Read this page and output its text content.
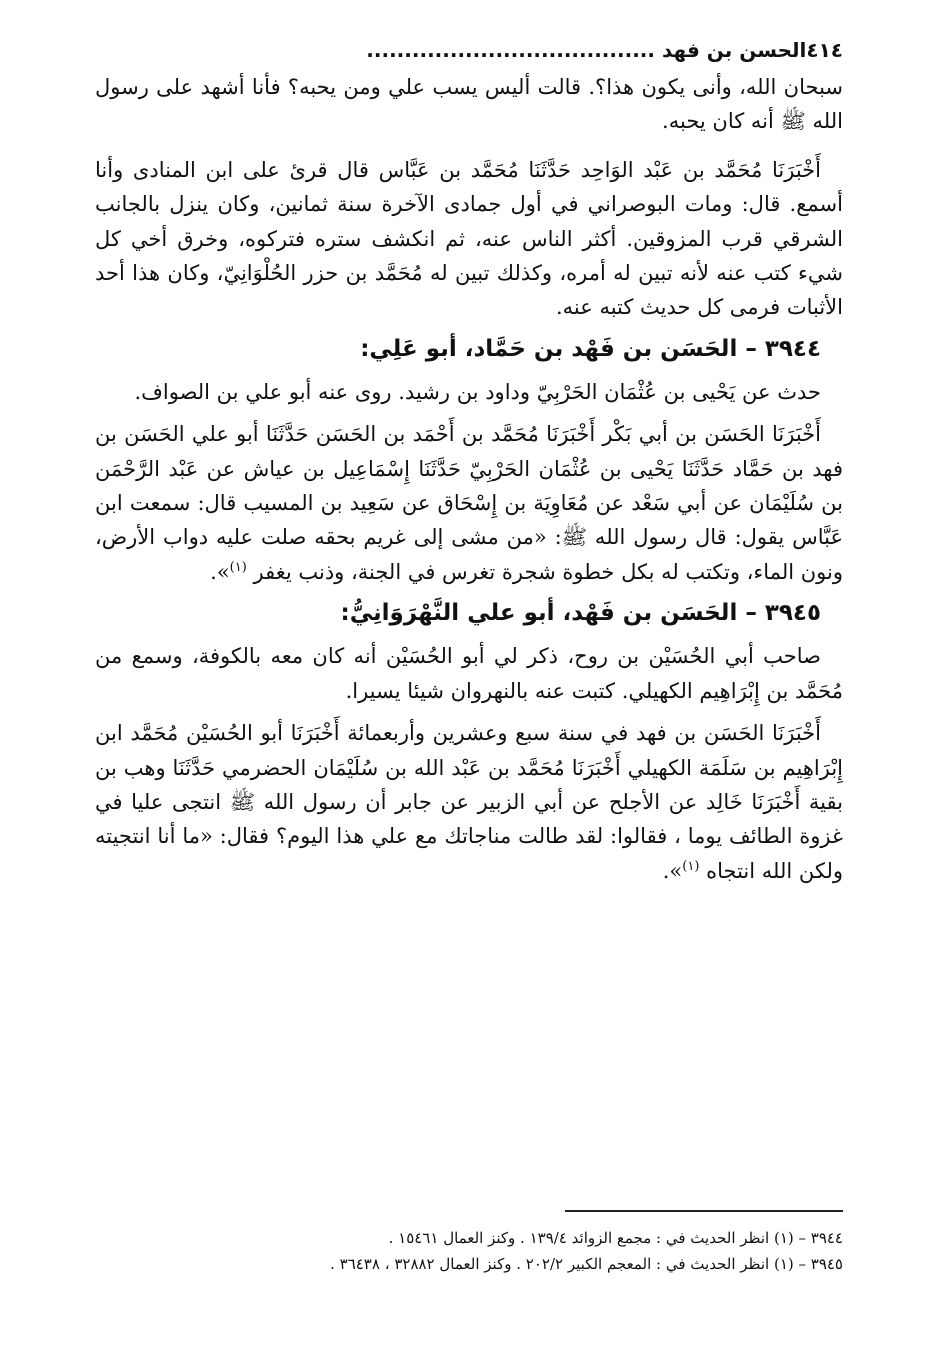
٤١٤
الحسن بن فهد ......................................

سبحان الله، وأنى يكون هذا؟. قالت أليس يسب علي ومن يحبه؟ فأنا أشهد على رسول الله ﷺ أنه كان يحبه.

أَخْبَرَنَا مُحَمَّد بن عَبْد الوَاحِد حَدَّثَنَا مُحَمَّد بن عَبَّاس قال قرئ على ابن المنادى وأنا أسمع. قال: ومات البوصراني في أول جمادى الآخرة سنة ثمانين، وكان ينزل بالجانب الشرقي قرب المزوقين. أكثر الناس عنه، ثم انكشف ستره فتركوه، وخرق أخي كل شيء كتب عنه لأنه تبين له أمره، وكذلك تبين له مُحَمَّد بن حزر الحُلْوَانِيّ، وكان هذا أحد الأثبات فرمى كل حديث كتبه عنه.

٣٩٤٤ – الحَسَن بن فَهْد بن حَمَّاد، أبو عَلِي:

حدث عن يَحْيى بن عُثْمَان الحَرْبِيّ وداود بن رشيد. روى عنه أبو علي بن الصواف.

أَخْبَرَنَا الحَسَن بن أبي بَكْر أَخْبَرَنَا مُحَمَّد بن أَحْمَد بن الحَسَن حَدَّثَنَا أبو علي الحَسَن بن فهد بن حَمَّاد حَدَّثَنَا يَحْيى بن عُثْمَان الحَرْبِيّ حَدَّثَنَا إِسْمَاعِيل بن عياش عن عَبْد الرَّحْمَن بن سُلَيْمَان عن أبي سَعْد عن مُعَاوِيَة بن إِسْحَاق عن سَعِيد بن المسيب قال: سمعت ابن عَبَّاس يقول: قال رسول الله ﷺ: «من مشى إلى غريم بحقه صلت عليه دواب الأرض، ونون الماء، وتكتب له بكل خطوة شجرة تغرس في الجنة، وذنب يغفر $^{(١)}$».

٣٩٤٥ – الحَسَن بن فَهْد، أبو علي النَّهْرَوَانِيُّ:

صاحب أبي الحُسَيْن بن روح، ذكر لي أبو الحُسَيْن أنه كان معه بالكوفة، وسمع من مُحَمَّد بن إِبْرَاهِيم الكهيلي. كتبت عنه بالنهروان شيئا يسيرا.

أَخْبَرَنَا الحَسَن بن فهد في سنة سبع وعشرين وأربعمائة أَخْبَرَنَا أبو الحُسَيْن مُحَمَّد ابن إِبْرَاهِيم بن سَلَمَة الكهيلي أَخْبَرَنَا مُحَمَّد بن عَبْد الله بن سُلَيْمَان الحضرمي حَدَّثَنَا وهب بن بقية أَخْبَرَنَا خَالِد عن الأجلح عن أبي الزبير عن جابر أن رسول الله ﷺ انتجى عليا في غزوة الطائف يوما ، فقالوا: لقد طالت مناجاتك مع علي هذا اليوم؟ فقال: «ما أنا انتجيته ولكن الله انتجاه $^{(١)}$».

٣٩٤٤ – (١) انظر الحديث في : مجمع الزوائد ١٣٩/٤ . وكنز العمال ١٥٤٦١ .

٣٩٤٥ – (١) انظر الحديث في : المعجم الكبير ٢٠٢/٢ . وكنز العمال ٣٢٨٨٢ ، ٣٦٤٣٨ .
